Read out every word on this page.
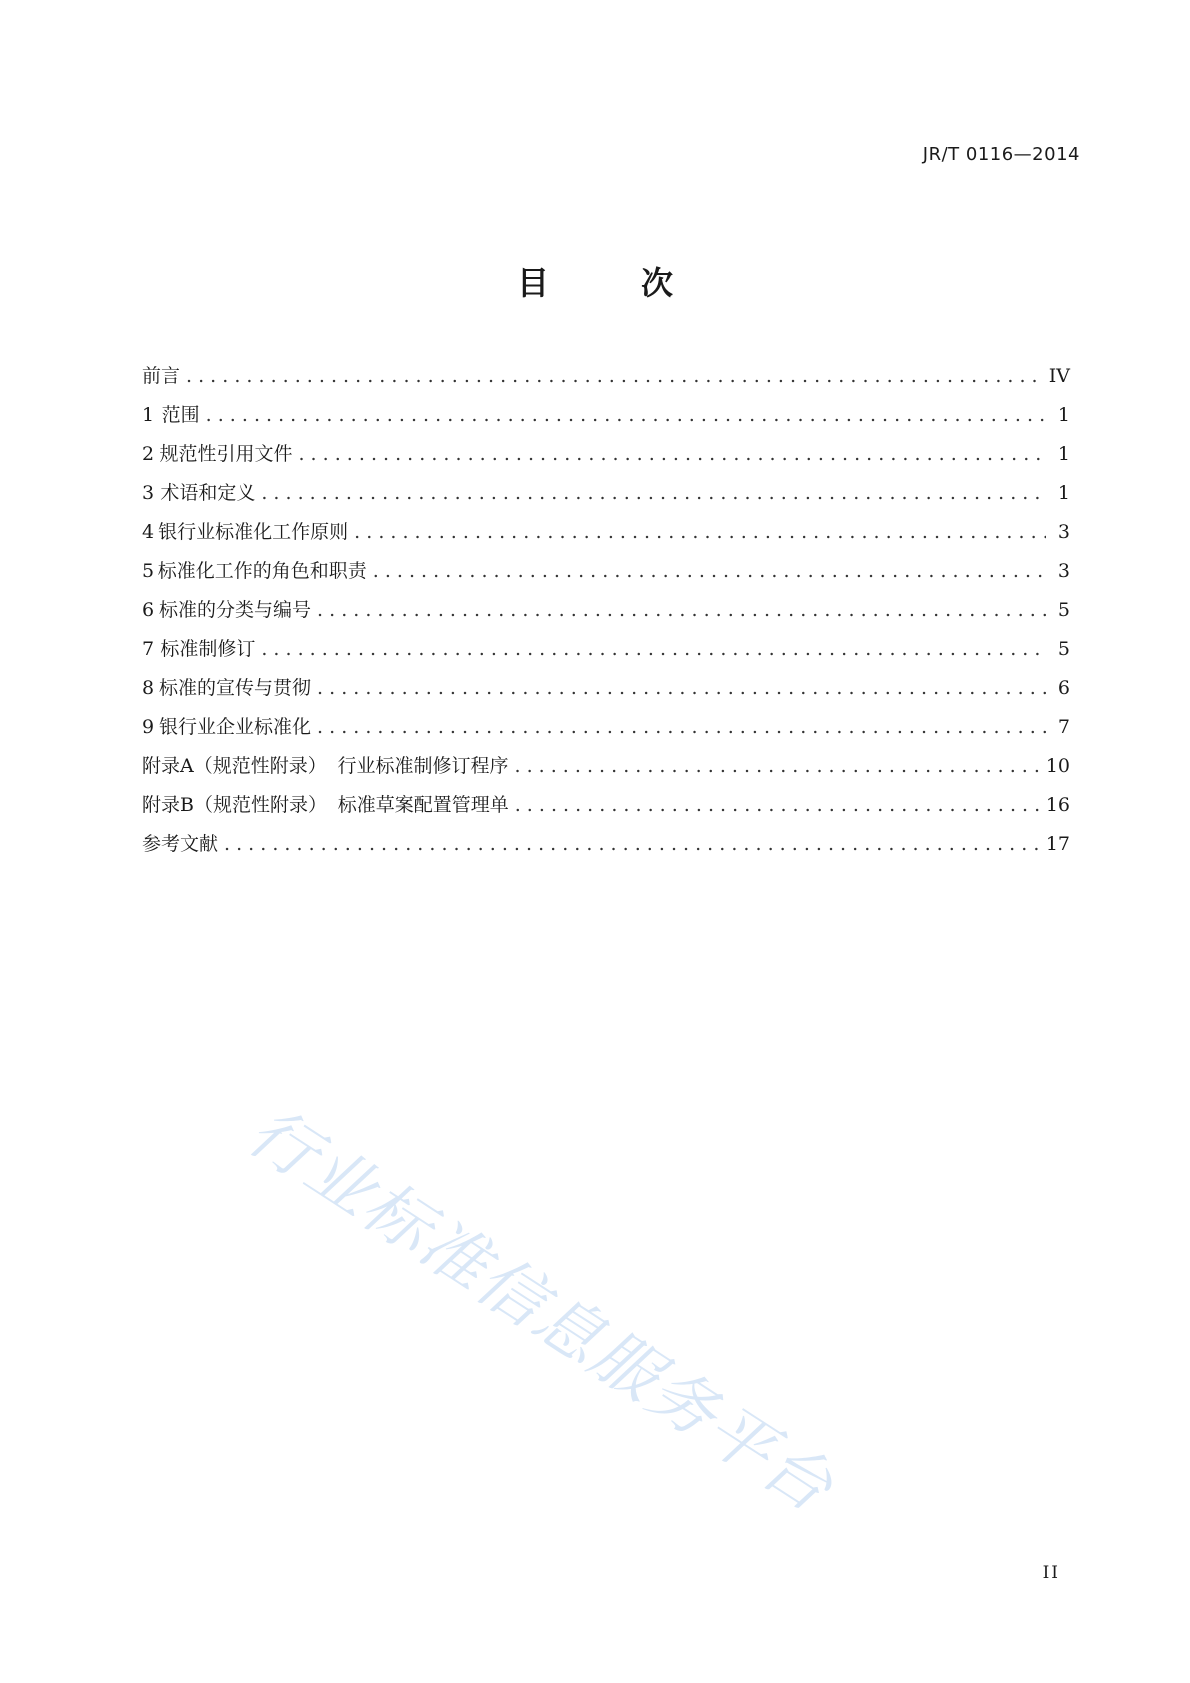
JR/T 0116—2014
目　次
前言 . . .	IV
1 范围 . . .	1
2 规范性引用文件 . . .	1
3 术语和定义 . . .	1
4 银行业标准化工作原则 . . .	3
5 标准化工作的角色和职责 . . .	3
6 标准的分类与编号 . . .	5
7 标准制修订 . . .	5
8 标准的宣传与贯彻 . . .	6
9 银行业企业标准化 . . .	7
附录A（规范性附录） 行业标准制修订程序 . . .	10
附录B（规范性附录） 标准草案配置管理单 . . .	16
参考文献 . . .	17
行业标准信息服务平台
II
